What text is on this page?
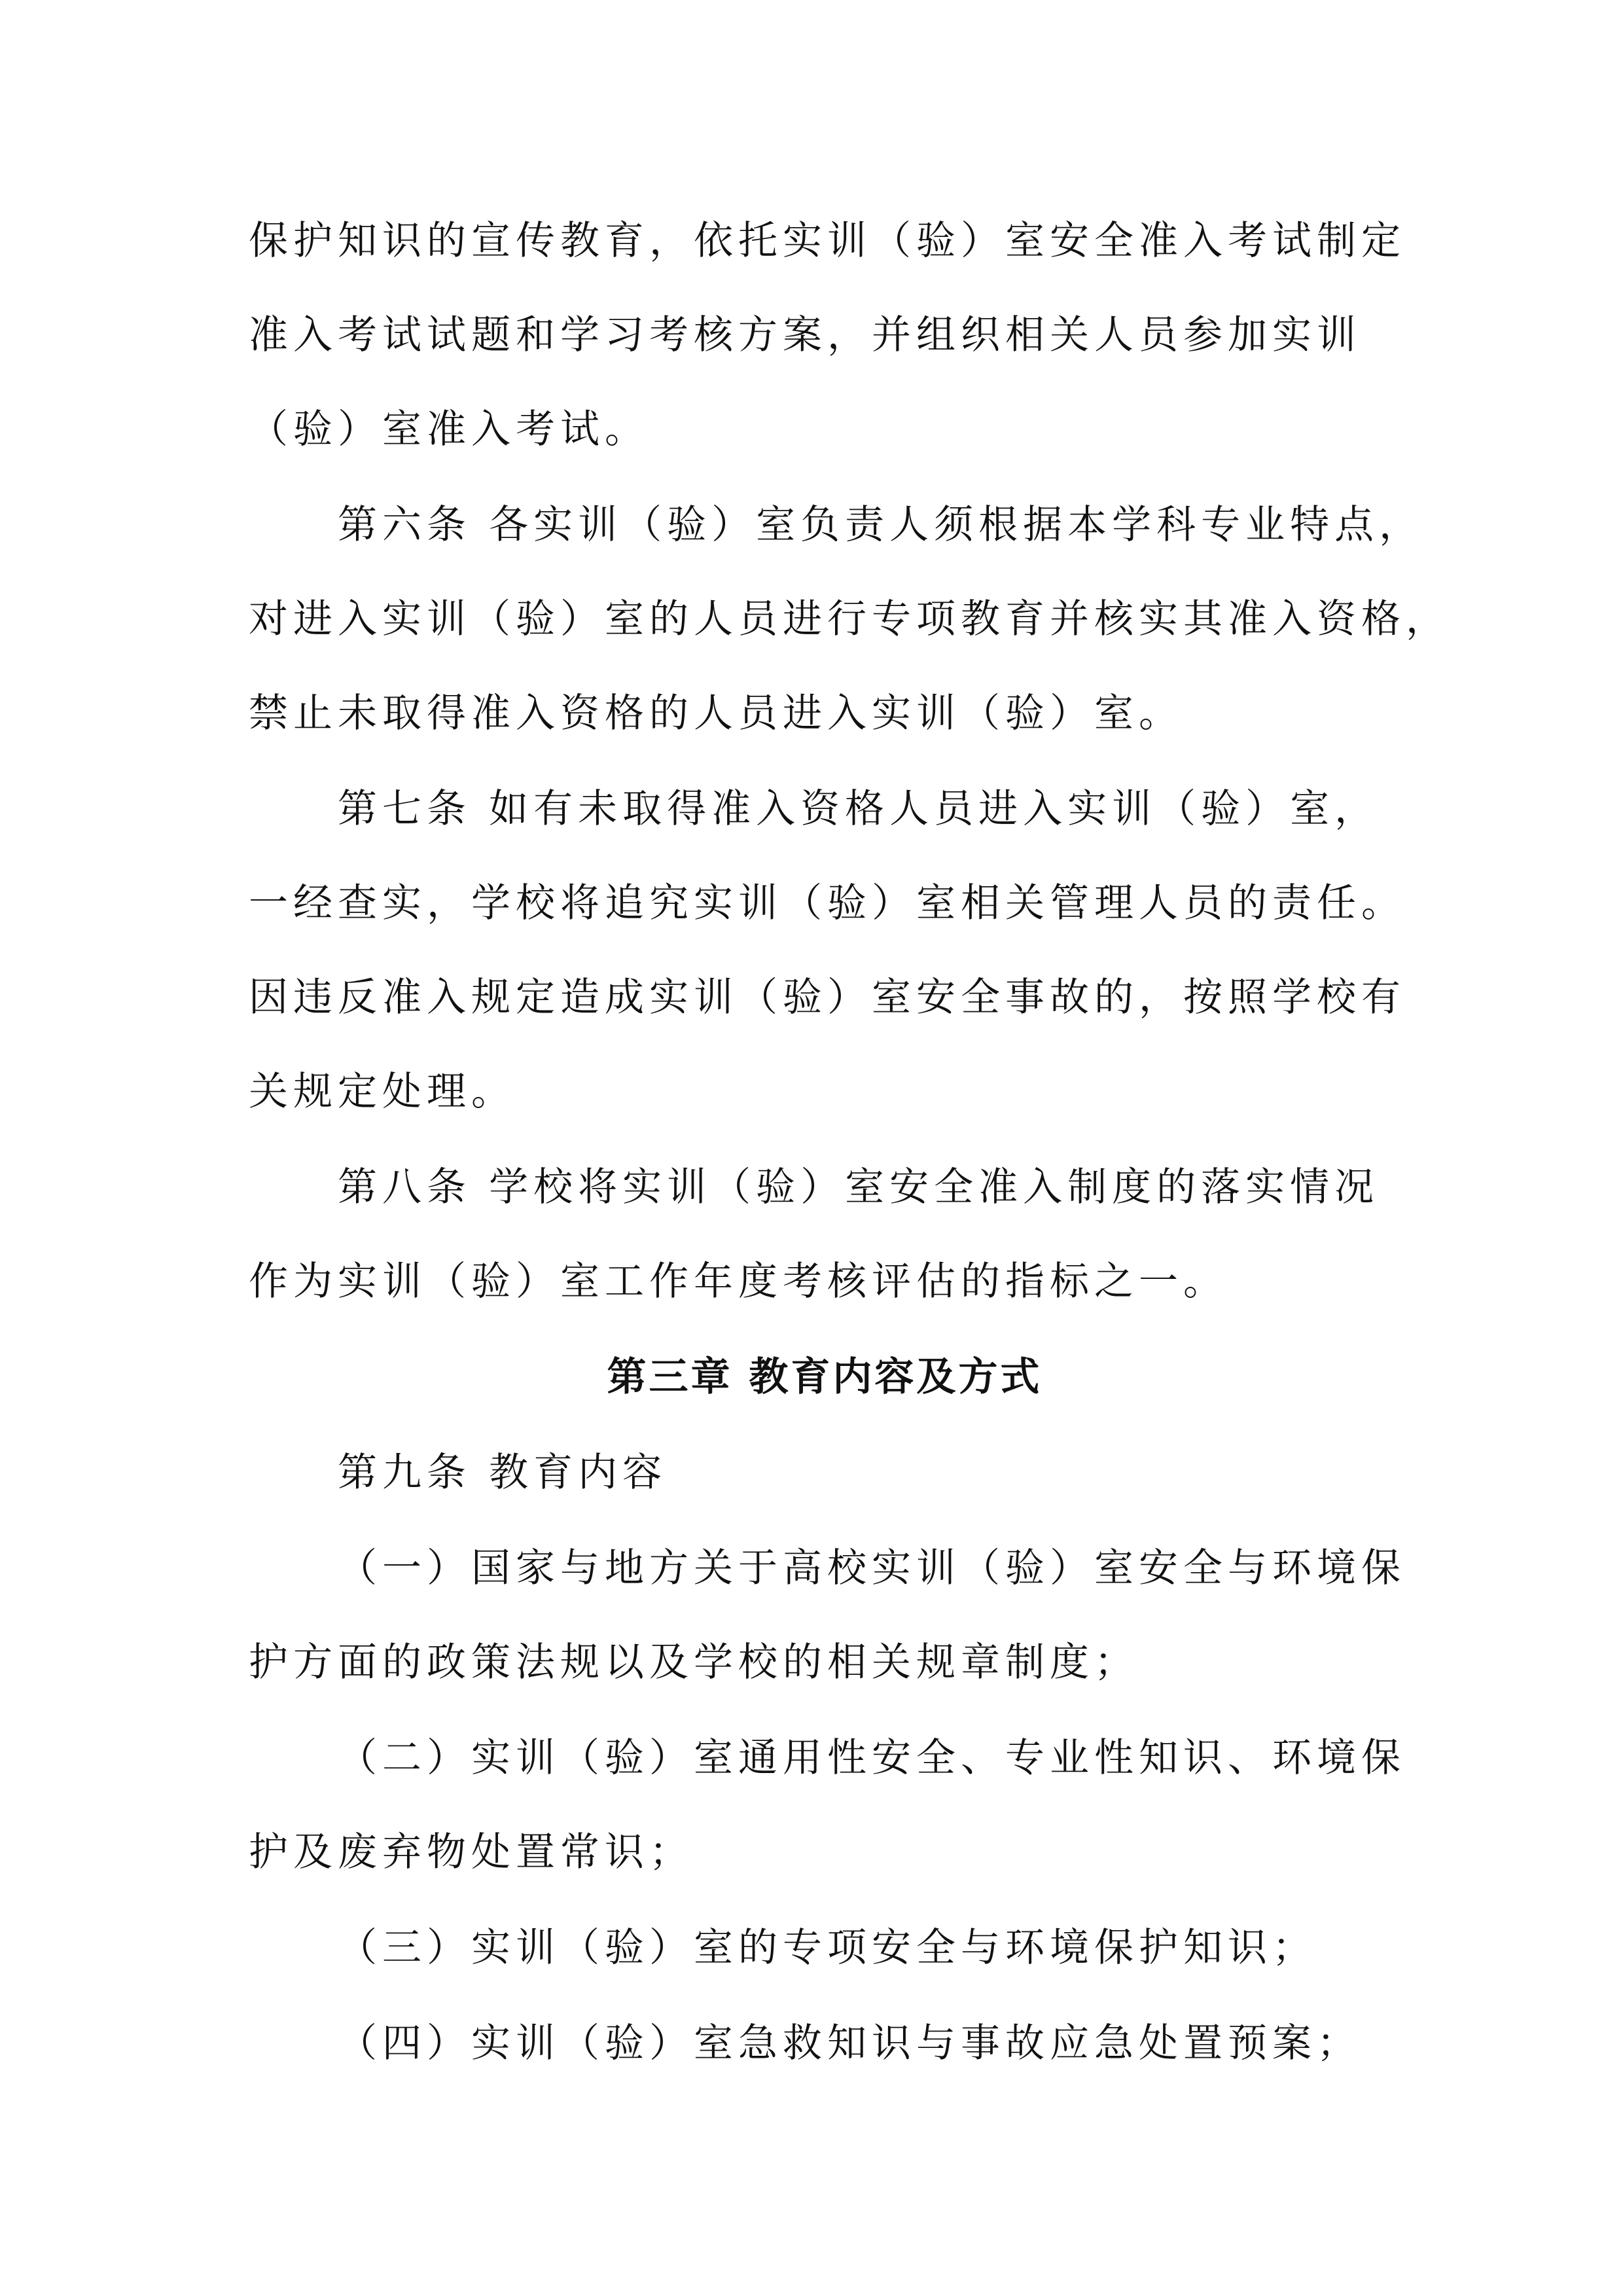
保护知识的宣传教育，依托实训（验）室安全准入考试制定
准入考试试题和学习考核方案，并组织相关人员参加实训
（验）室准入考试。
第六条 各实训（验）室负责人须根据本学科专业特点，
对进入实训（验）室的人员进行专项教育并核实其准入资格，
禁止未取得准入资格的人员进入实训（验）室。
第七条 如有未取得准入资格人员进入实训（验）室，
一经查实，学校将追究实训（验）室相关管理人员的责任。
因违反准入规定造成实训（验）室安全事故的，按照学校有
关规定处理。
第八条 学校将实训（验）室安全准入制度的落实情况
作为实训（验）室工作年度考核评估的指标之一。
第三章 教育内容及方式
第九条 教育内容
（一）国家与地方关于高校实训（验）室安全与环境保
护方面的政策法规以及学校的相关规章制度；
（二）实训（验）室通用性安全、专业性知识、环境保
护及废弃物处置常识；
（三）实训（验）室的专项安全与环境保护知识；
（四）实训（验）室急救知识与事故应急处置预案；
